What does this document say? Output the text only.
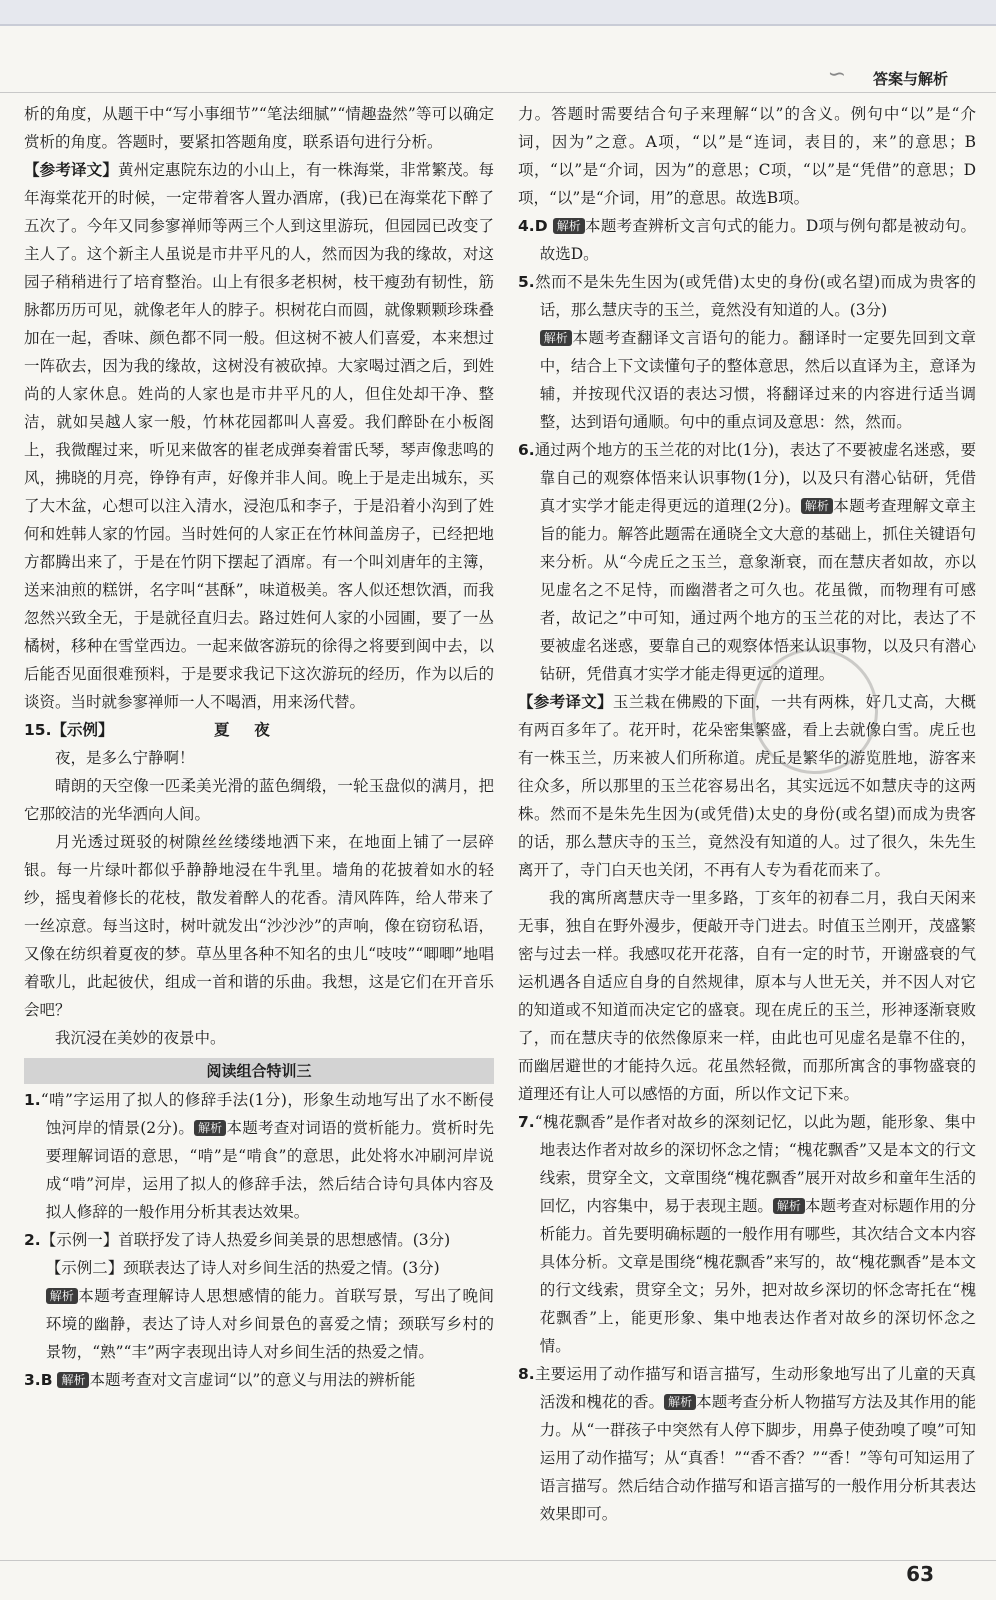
∽ 答案与解析

析的角度，从题干中“写小事细节”“笔法细腻”“情趣盎然”等可以确定赏析的角度。答题时，要紧扣答题角度，联系语句进行分析。

【参考译文】黄州定惠院东边的小山上，有一株海棠，非常繁茂。每年海棠花开的时候，一定带着客人置办酒席，(我)已在海棠花下醉了五次了。今年又同参寥禅师等两三个人到这里游玩，但园园已改变了主人了。这个新主人虽说是市井平凡的人，然而因为我的缘故，对这园子稍稍进行了培育整治。山上有很多老枳树，枝干瘦劲有韧性，筋脉都历历可见，就像老年人的脖子。枳树花白而圆，就像颗颗珍珠叠加在一起，香味、颜色都不同一般。但这树不被人们喜爱，本来想过一阵砍去，因为我的缘故，这树没有被砍掉。大家喝过酒之后，到姓尚的人家休息。姓尚的人家也是市井平凡的人，但住处却干净、整洁，就如吴越人家一般，竹林花园都叫人喜爱。我们醉卧在小板阁上，我微醒过来，听见来做客的崔老成弹奏着雷氏琴，琴声像悲鸣的风，拂晓的月亮，铮铮有声，好像并非人间。晚上于是走出城东，买了大木盆，心想可以注入清水，浸泡瓜和李子，于是沿着小沟到了姓何和姓韩人家的竹园。当时姓何的人家正在竹林间盖房子，已经把地方都腾出来了，于是在竹阴下摆起了酒席。有一个叫刘唐年的主簿，送来油煎的糕饼，名字叫“甚酥”，味道极美。客人似还想饮酒，而我忽然兴致全无，于是就径直归去。路过姓何人家的小园圃，要了一丛橘树，移种在雪堂西边。一起来做客游玩的徐得之将要到闽中去，以后能否见面很难预料，于是要求我记下这次游玩的经历，作为以后的谈资。当时就参寥禅师一人不喝酒，用来汤代替。

15.【示例】	夏　夜

夜，是多么宁静啊！

晴朗的天空像一匹柔美光滑的蓝色绸缎，一轮玉盘似的满月，把它那皎洁的光华洒向人间。

月光透过斑驳的树隙丝丝缕缕地洒下来，在地面上铺了一层碎银。每一片绿叶都似乎静静地浸在牛乳里。墙角的花披着如水的轻纱，摇曳着修长的花枝，散发着醉人的花香。清风阵阵，给人带来了一丝凉意。每当这时，树叶就发出“沙沙沙”的声响，像在窃窃私语，又像在纺织着夏夜的梦。草丛里各种不知名的虫儿“吱吱”“唧唧”地唱着歌儿，此起彼伏，组成一首和谐的乐曲。我想，这是它们在开音乐会吧？

我沉浸在美妙的夜景中。

阅读组合特训三

1.“啃”字运用了拟人的修辞手法(1分)，形象生动地写出了水不断侵蚀河岸的情景(2分)。 解析 本题考查对词语的赏析能力。赏析时先要理解词语的意思，“啃”是“啃食”的意思，此处将水冲刷河岸说成“啃”河岸，运用了拟人的修辞手法，然后结合诗句具体内容及拟人修辞的一般作用分析其表达效果。

2.【示例一】首联抒发了诗人热爱乡间美景的思想感情。(3分)

【示例二】颈联表达了诗人对乡间生活的热爱之情。(3分)

解析 本题考查理解诗人思想感情的能力。首联写景，写出了晚间环境的幽静，表达了诗人对乡间景色的喜爱之情；颈联写乡村的景物，“熟”“丰”两字表现出诗人对乡间生活的热爱之情。

3.B 解析 本题考查对文言虚词“以”的意义与用法的辨析能

力。答题时需要结合句子来理解“以”的含义。例句中“以”是“介词，因为”之意。A项，“以”是“连词，表目的，来”的意思；B项，“以”是“介词，因为”的意思；C项，“以”是“凭借”的意思；D项，“以”是“介词，用”的意思。故选B项。

4.D 解析 本题考查辨析文言句式的能力。D项与例句都是被动句。故选D。

5.然而不是朱先生因为(或凭借)太史的身份(或名望)而成为贵客的话，那么慧庆寺的玉兰，竟然没有知道的人。(3分)

解析 本题考查翻译文言语句的能力。翻译时一定要先回到文章中，结合上下文读懂句子的整体意思，然后以直译为主，意译为辅，并按现代汉语的表达习惯，将翻译过来的内容进行适当调整，达到语句通顺。句中的重点词及意思：然，然而。

6.通过两个地方的玉兰花的对比(1分)，表达了不要被虚名迷惑，要靠自己的观察体悟来认识事物(1分)，以及只有潜心钻研，凭借真才实学才能走得更远的道理(2分)。 解析 本题考查理解文章主旨的能力。解答此题需在通晓全文大意的基础上，抓住关键语句来分析。从“今虎丘之玉兰，意象渐衰，而在慧庆者如故，亦以见虚名之不足恃，而幽潜者之可久也。花虽微，而物理有可感者，故记之”中可知，通过两个地方的玉兰花的对比，表达了不要被虚名迷惑，要靠自己的观察体悟来认识事物，以及只有潜心钻研，凭借真才实学才能走得更远的道理。

【参考译文】玉兰栽在佛殿的下面，一共有两株，好几丈高，大概有两百多年了。花开时，花朵密集繁盛，看上去就像白雪。虎丘也有一株玉兰，历来被人们所称道。虎丘是繁华的游览胜地，游客来往众多，所以那里的玉兰花容易出名，其实远远不如慧庆寺的这两株。然而不是朱先生因为(或凭借)太史的身份(或名望)而成为贵客的话，那么慧庆寺的玉兰，竟然没有知道的人。过了很久，朱先生离开了，寺门白天也关闭，不再有人专为看花而来了。

我的寓所离慧庆寺一里多路，丁亥年的初春二月，我白天闲来无事，独自在野外漫步，便敲开寺门进去。时值玉兰刚开，茂盛繁密与过去一样。我感叹花开花落，自有一定的时节，开谢盛衰的气运机遇各自适应自身的自然规律，原本与人世无关，并不因人对它的知道或不知道而决定它的盛衰。现在虎丘的玉兰，形神逐渐衰败了，而在慧庆寺的依然像原来一样，由此也可见虚名是靠不住的，而幽居避世的才能持久远。花虽然轻微，而那所寓含的事物盛衰的道理还有让人可以感悟的方面，所以作文记下来。

7.“槐花飘香”是作者对故乡的深刻记忆，以此为题，能形象、集中地表达作者对故乡的深切怀念之情；“槐花飘香”又是本文的行文线索，贯穿全文，文章围绕“槐花飘香”展开对故乡和童年生活的回忆，内容集中，易于表现主题。 解析 本题考查对标题作用的分析能力。首先要明确标题的一般作用有哪些，其次结合文本内容具体分析。文章是围绕“槐花飘香”来写的，故“槐花飘香”是本文的行文线索，贯穿全文；另外，把对故乡深切的怀念寄托在“槐花飘香”上，能更形象、集中地表达作者对故乡的深切怀念之情。

8.主要运用了动作描写和语言描写，生动形象地写出了儿童的天真活泼和槐花的香。 解析 本题考查分析人物描写方法及其作用的能力。从“一群孩子中突然有人停下脚步，用鼻子使劲嗅了嗅”可知运用了动作描写；从“真香！”“香不香？”“香！”等句可知运用了语言描写。然后结合动作描写和语言描写的一般作用分析其表达效果即可。

63
